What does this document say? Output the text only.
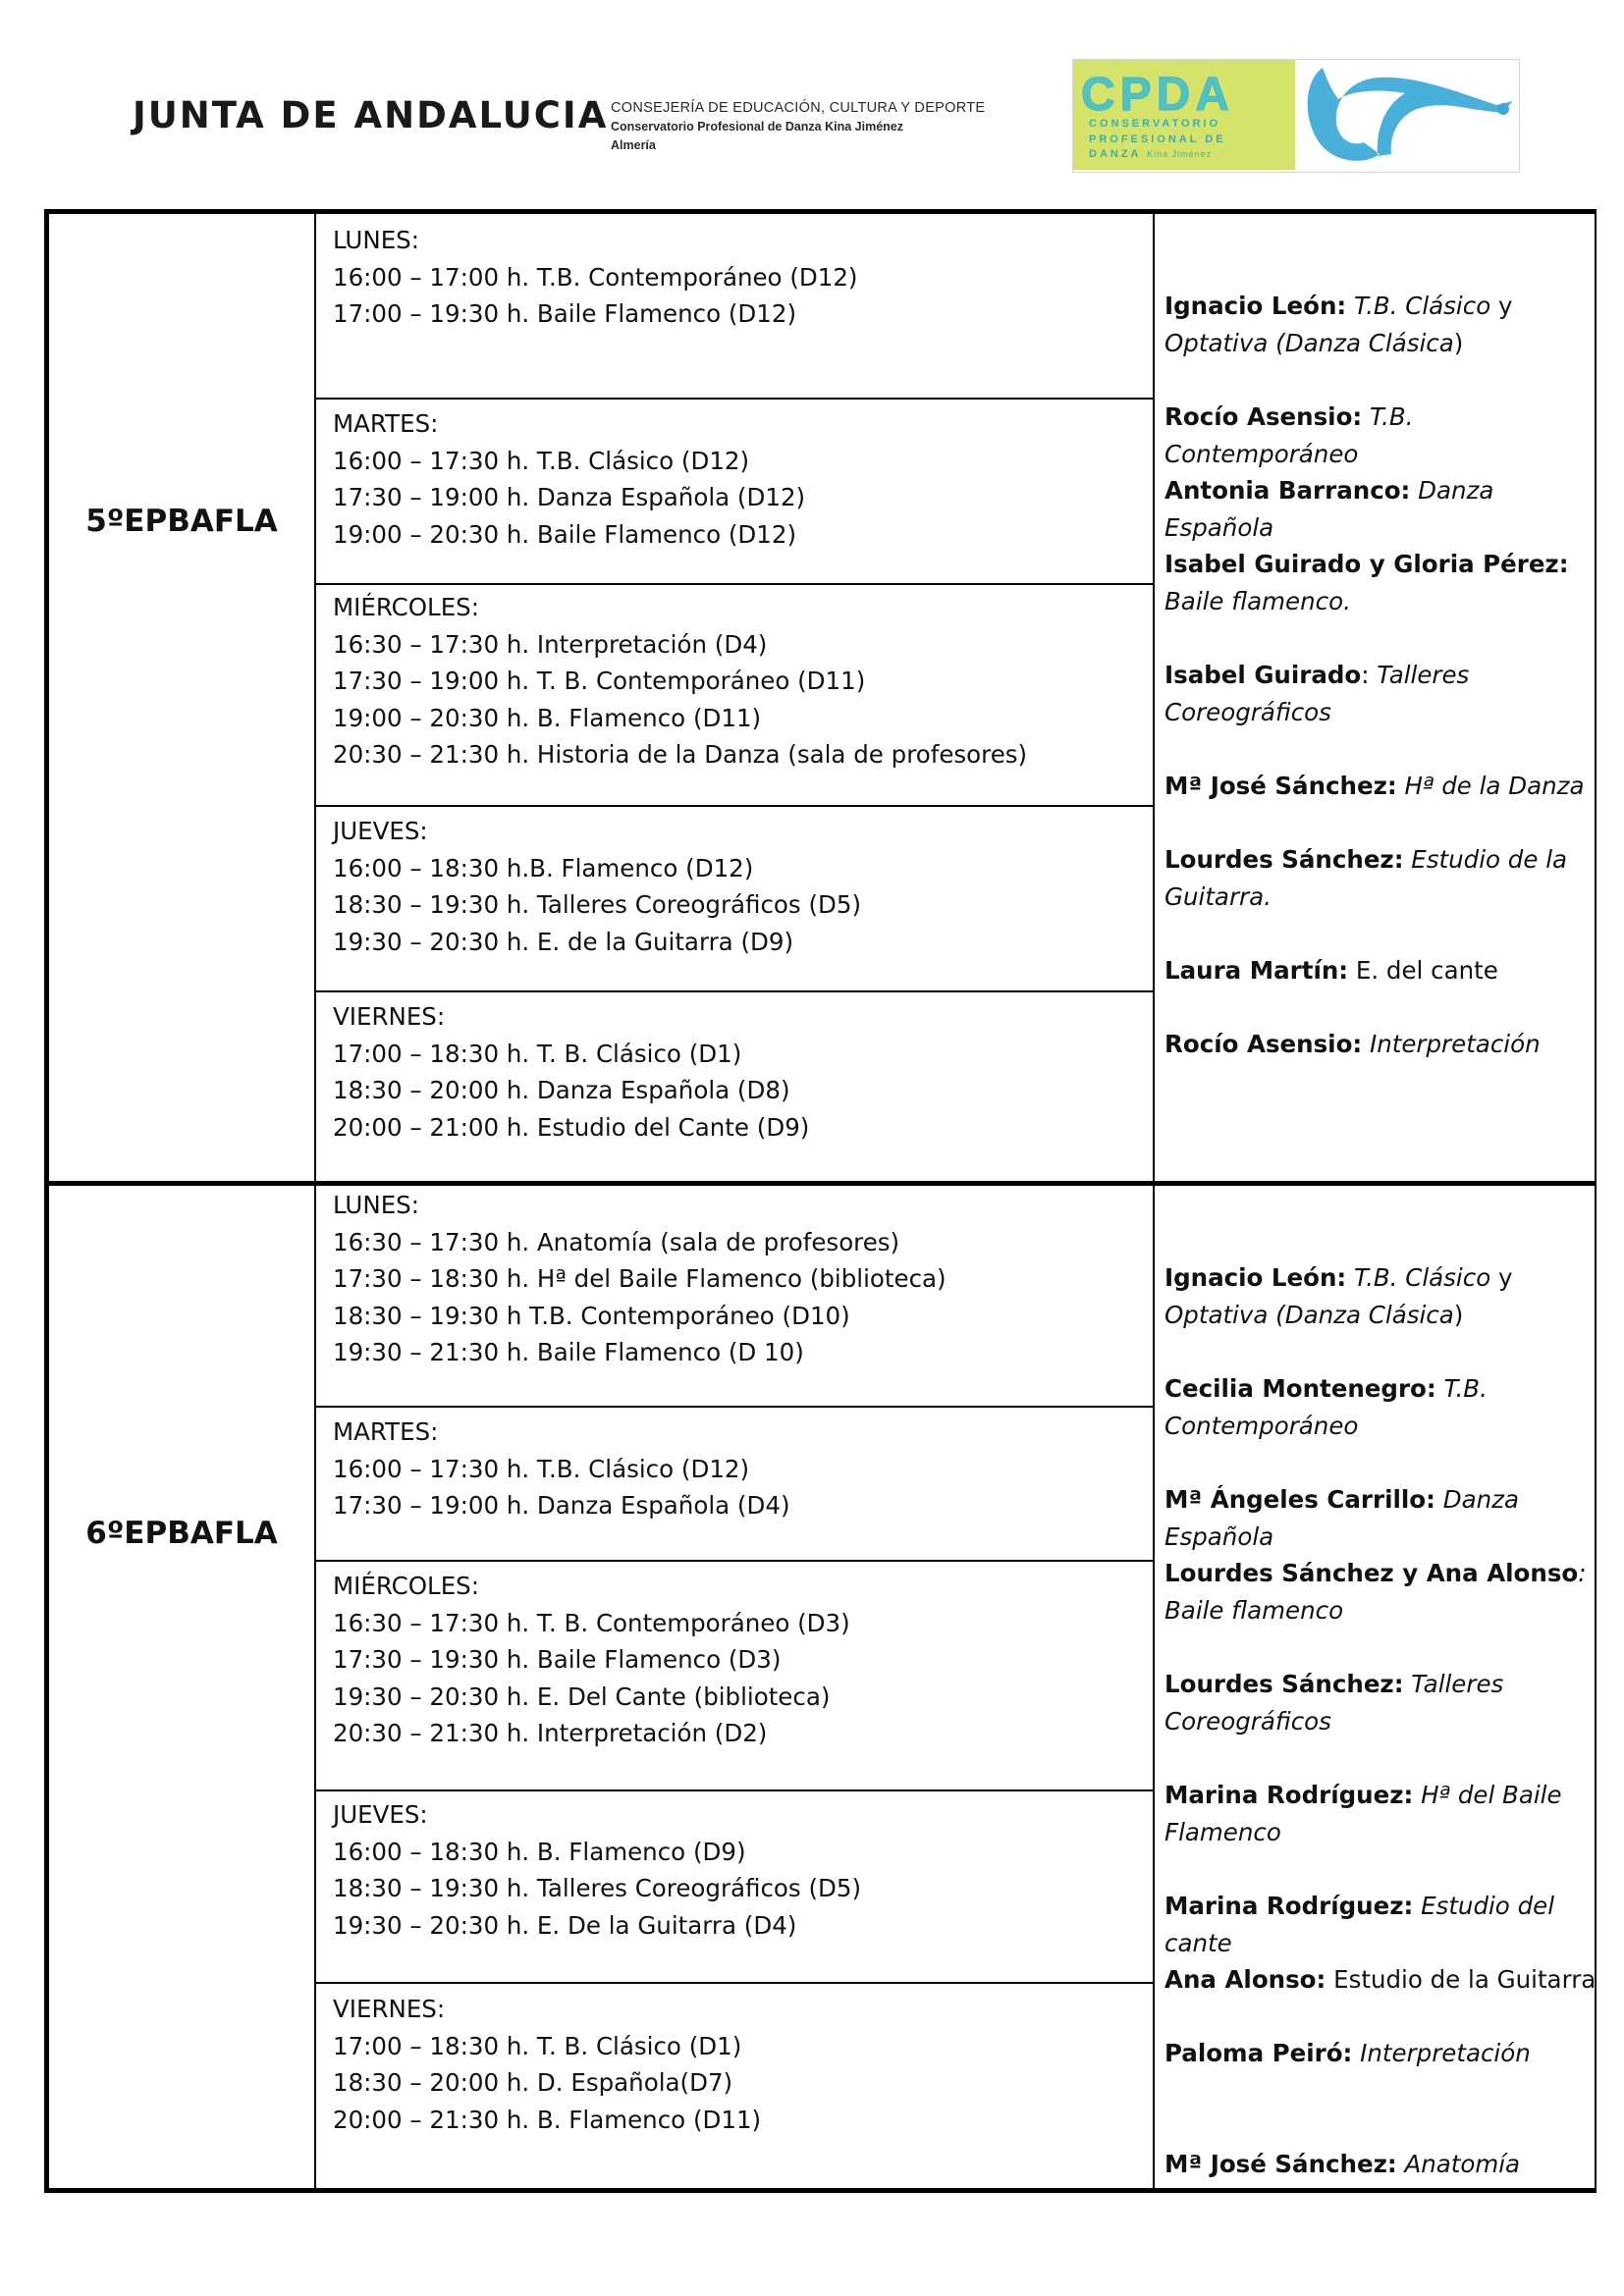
JUNTA DE ANDALUCIA CONSEJERÍA DE EDUCACIÓN, CULTURA Y DEPORTE
Conservatorio Profesional de Danza Kina Jiménez
Almería
CPDA
CONSERVATORIO
PROFESIONAL DE
DANZA Kina Jiménez
5ºEPBAFLA
LUNES:
16:00 – 17:00 h. T.B. Contemporáneo (D12)
17:00 – 19:30 h. Baile Flamenco (D12)
MARTES:
16:00 – 17:30 h. T.B. Clásico (D12)
17:30 – 19:00 h. Danza Española (D12)
19:00 – 20:30 h. Baile Flamenco (D12)
MIÉRCOLES:
16:30 – 17:30 h. Interpretación (D4)
17:30 – 19:00 h. T. B. Contemporáneo (D11)
19:00 – 20:30 h. B. Flamenco (D11)
20:30 – 21:30 h. Historia de la Danza (sala de profesores)
JUEVES:
16:00 – 18:30 h.B. Flamenco (D12)
18:30 – 19:30 h. Talleres Coreográficos (D5)
19:30 – 20:30 h. E. de la Guitarra (D9)
VIERNES:
17:00 – 18:30 h. T. B. Clásico (D1)
18:30 – 20:00 h. Danza Española (D8)
20:00 – 21:00 h. Estudio del Cante (D9)
Ignacio León: T.B. Clásico y Optativa (Danza Clásica)
Rocío Asensio: T.B. Contemporáneo
Antonia Barranco: Danza Española
Isabel Guirado y Gloria Pérez: Baile flamenco.
Isabel Guirado: Talleres Coreográficos
Mª José Sánchez: Hª de la Danza
Lourdes Sánchez: Estudio de la Guitarra.
Laura Martín: E. del cante
Rocío Asensio: Interpretación
6ºEPBAFLA
LUNES:
16:30 – 17:30 h. Anatomía (sala de profesores)
17:30 – 18:30 h. Hª del Baile Flamenco (biblioteca)
18:30 – 19:30 h T.B. Contemporáneo (D10)
19:30 – 21:30 h. Baile Flamenco (D 10)
MARTES:
16:00 – 17:30 h. T.B. Clásico (D12)
17:30 – 19:00 h. Danza Española (D4)
MIÉRCOLES:
16:30 – 17:30 h. T. B. Contemporáneo (D3)
17:30 – 19:30 h. Baile Flamenco (D3)
19:30 – 20:30 h. E. Del Cante (biblioteca)
20:30 – 21:30 h. Interpretación (D2)
JUEVES:
16:00 – 18:30 h. B. Flamenco (D9)
18:30 – 19:30 h. Talleres Coreográficos (D5)
19:30 – 20:30 h. E. De la Guitarra (D4)
VIERNES:
17:00 – 18:30 h. T. B. Clásico (D1)
18:30 – 20:00 h. D. Española(D7)
20:00 – 21:30 h. B. Flamenco (D11)
Ignacio León: T.B. Clásico y Optativa (Danza Clásica)
Cecilia Montenegro: T.B. Contemporáneo
Mª Ángeles Carrillo: Danza Española
Lourdes Sánchez y Ana Alonso: Baile flamenco
Lourdes Sánchez: Talleres Coreográficos
Marina Rodríguez: Hª del Baile Flamenco
Marina Rodríguez: Estudio del cante
Ana Alonso: Estudio de la Guitarra
Paloma Peiró: Interpretación
Mª José Sánchez: Anatomía
